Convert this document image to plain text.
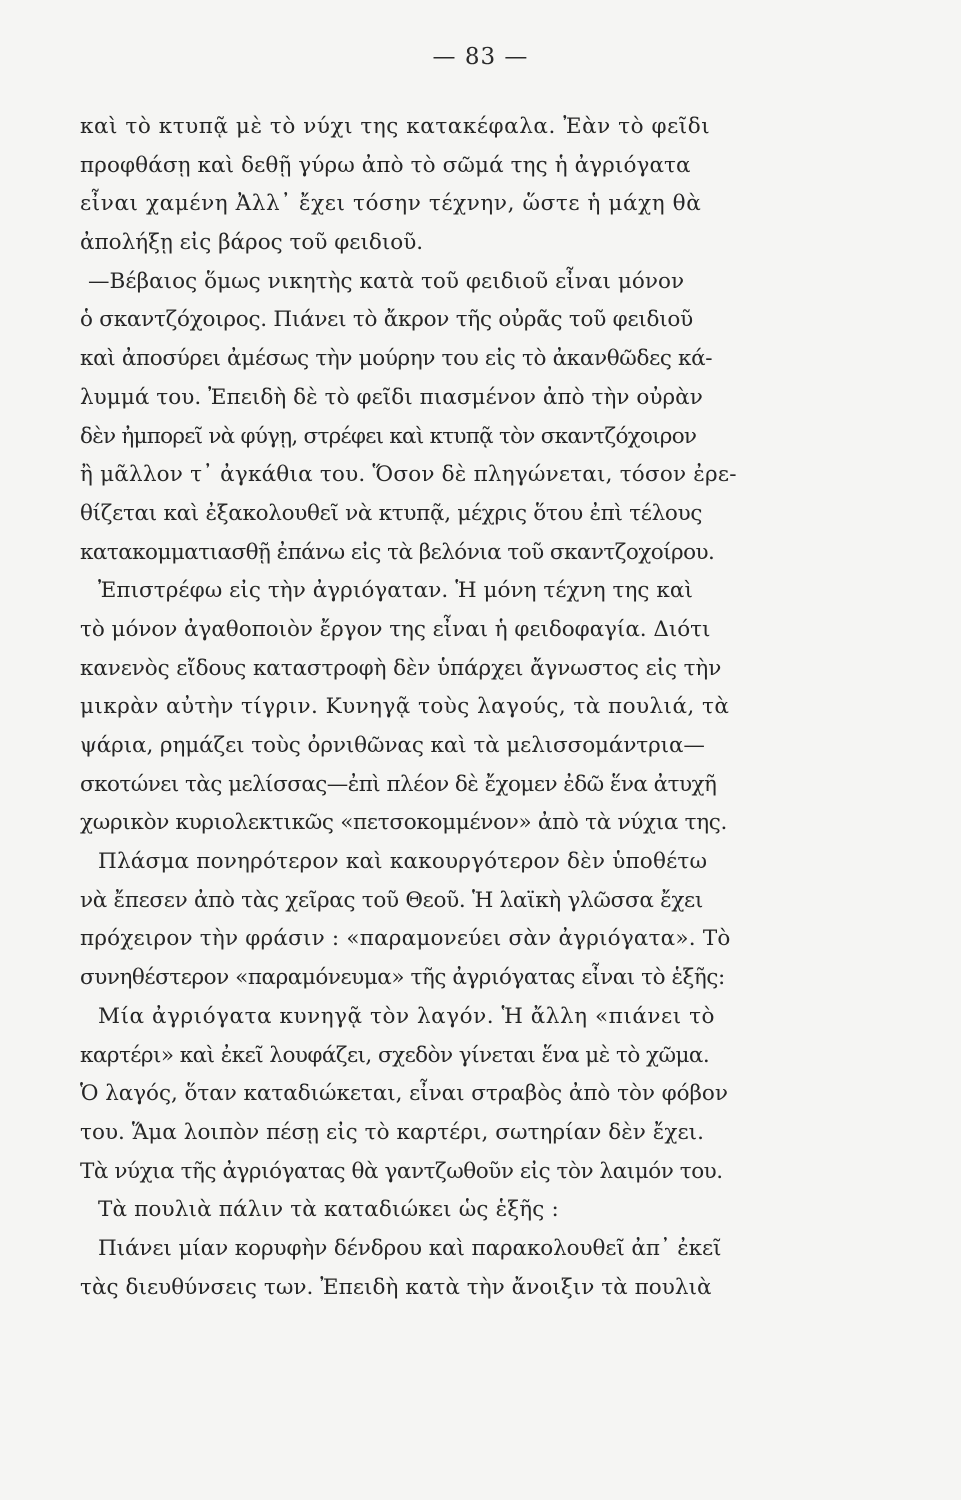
— 83 —
καὶ τὸ κτυπᾷ μὲ τὸ νύχι της κατακέφαλα. Ἐὰν τὸ φεῖδι
προφθάσῃ καὶ δεθῇ γύρω ἀπὸ τὸ σῶμά της ἡ ἀγριόγατα
εἶναι χαμένη Ἀλλ᾽ ἔχει τόσην τέχνην, ὥστε ἡ μάχη θὰ
ἀπολήξῃ εἰς βάρος τοῦ φειδιοῦ.
—Βέβαιος ὅμως νικητὴς κατὰ τοῦ φειδιοῦ εἶναι μόνον
ὁ σκαντζόχοιρος. Πιάνει τὸ ἄκρον τῆς οὐρᾶς τοῦ φειδιοῦ
καὶ ἀποσύρει ἀμέσως τὴν μούρην του εἰς τὸ ἀκανθῶδες κά-
λυμμά του. Ἐπειδὴ δὲ τὸ φεῖδι πιασμένον ἀπὸ τὴν οὐρὰν
δὲν ἠμπορεῖ νὰ φύγῃ, στρέφει καὶ κτυπᾷ τὸν σκαντζόχοιρον
ἢ μᾶλλον τ᾽ ἀγκάθια του. Ὅσον δὲ πληγώνεται, τόσον ἐρε-
θίζεται καὶ ἐξακολουθεῖ νὰ κτυπᾷ, μέχρις ὅτου ἐπὶ τέλους
κατακομματιασθῇ ἐπάνω εἰς τὰ βελόνια τοῦ σκαντζοχοίρου.
Ἐπιστρέφω εἰς τὴν ἀγριόγαταν. Ἡ μόνη τέχνη της καὶ
τὸ μόνον ἀγαθοποιὸν ἔργον της εἶναι ἡ φειδοφαγία. Διότι
κανενὸς εἴδους καταστροφὴ δὲν ὑπάρχει ἄγνωστος εἰς τὴν
μικρὰν αὐτὴν τίγριν. Κυνηγᾷ τοὺς λαγούς, τὰ πουλιά, τὰ
ψάρια, ρημάζει τοὺς ὀρνιθῶνας καὶ τὰ μελισσομάντρια—
σκοτώνει τὰς μελίσσας—ἐπὶ πλέον δὲ ἔχομεν ἐδῶ ἕνα ἀτυχῆ
χωρικὸν κυριολεκτικῶς «πετσοκομμένον» ἀπὸ τὰ νύχια της.
Πλάσμα πονηρότερον καὶ κακουργότερον δὲν ὑποθέτω
νὰ ἔπεσεν ἀπὸ τὰς χεῖρας τοῦ Θεοῦ. Ἡ λαϊκὴ γλῶσσα ἔχει
πρόχειρον τὴν φράσιν : «παραμονεύει σὰν ἀγριόγατα». Τὸ
συνηθέστερον «παραμόνευμα» τῆς ἀγριόγατας εἶναι τὸ ἑξῆς:
Μία ἀγριόγατα κυνηγᾷ τὸν λαγόν. Ἡ ἄλλη «πιάνει τὸ
καρτέρι» καὶ ἐκεῖ λουφάζει, σχεδὸν γίνεται ἕνα μὲ τὸ χῶμα.
Ὁ λαγός, ὅταν καταδιώκεται, εἶναι στραβὸς ἀπὸ τὸν φόβον
του. Ἅμα λοιπὸν πέσῃ εἰς τὸ καρτέρι, σωτηρίαν δὲν ἔχει.
Τὰ νύχια τῆς ἀγριόγατας θὰ γαντζωθοῦν εἰς τὸν λαιμόν του.
Τὰ πουλιὰ πάλιν τὰ καταδιώκει ὡς ἑξῆς :
Πιάνει μίαν κορυφὴν δένδρου καὶ παρακολουθεῖ ἀπ᾽ ἐκεῖ
τὰς διευθύνσεις των. Ἐπειδὴ κατὰ τὴν ἄνοιξιν τὰ πουλιὰ
